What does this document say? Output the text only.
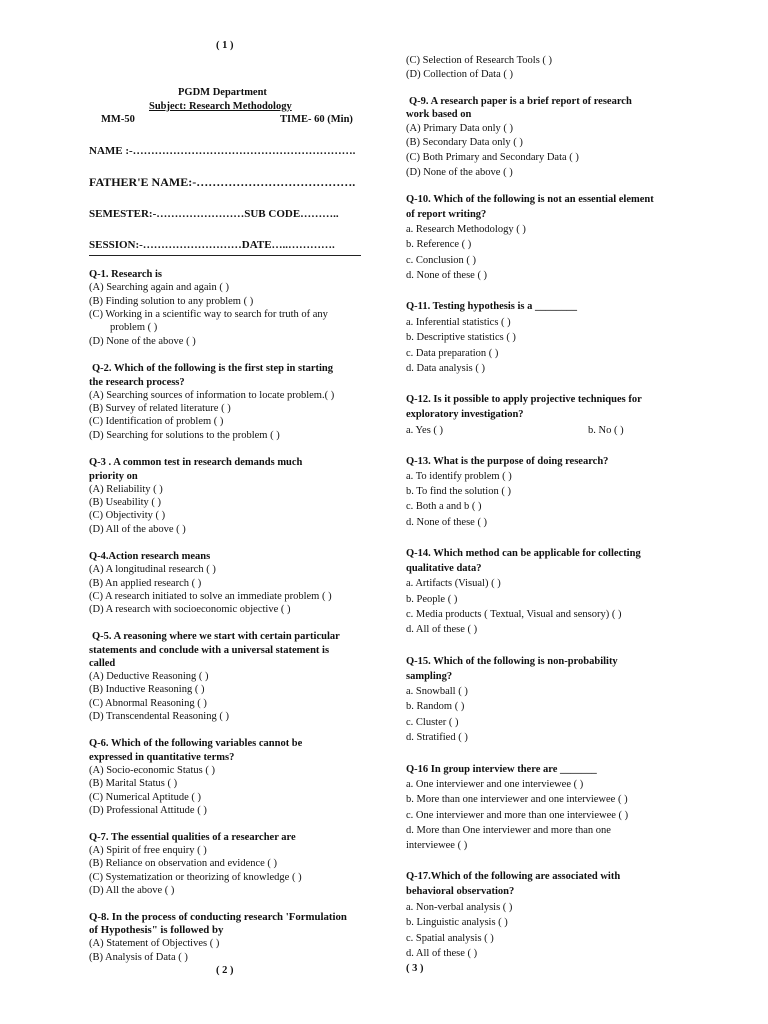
( 1 )
PGDM Department
Subject: Research Methodology
MM-50	TIME- 60 (Min)
NAME :-…………………………………………………….
FATHER'E NAME:-………………………………….
SEMESTER:-……………………SUB CODE………..
SESSION:-………………………DATE…..………….
Q-1. Research is
(A) Searching again and again ( )
(B) Finding solution to any problem ( )
(C) Working in a scientific way to search for truth of any
problem ( )
(D) None of the above ( )
Q-2. Which of the following is the first step in starting
the research process?
(A) Searching sources of information to locate problem.( )
(B) Survey of related literature ( )
(C) Identification of problem ( )
(D) Searching for solutions to the problem ( )
Q-3 . A common test in research demands much
priority on
(A) Reliability ( )
(B) Useability ( )
(C) Objectivity ( )
(D) All of the above ( )
Q-4.Action research means
(A) A longitudinal research ( )
(B) An applied research ( )
(C) A research initiated to solve an immediate problem ( )
(D) A research with socioeconomic objective ( )
Q-5. A reasoning where we start with certain particular
statements and conclude with a universal statement is
called
(A) Deductive Reasoning ( )
(B) Inductive Reasoning ( )
(C) Abnormal Reasoning ( )
(D) Transcendental Reasoning ( )
Q-6. Which of the following variables cannot be
expressed in quantitative terms?
(A) Socio-economic Status ( )
(B) Marital Status ( )
(C) Numerical Aptitude ( )
(D) Professional Attitude ( )
Q-7. The essential qualities of a researcher are
(A) Spirit of free enquiry ( )
(B) Reliance on observation and evidence ( )
(C) Systematization or theorizing of knowledge ( )
(D) All the above ( )
Q-8. In the process of conducting research 'Formulation
of Hypothesis" is followed by
(A) Statement of Objectives ( )
(B) Analysis of Data ( )
( 2 )
(C) Selection of Research Tools ( )
(D) Collection of Data ( )
Q-9. A research paper is a brief report of research
work based on
(A) Primary Data only ( )
(B) Secondary Data only ( )
(C) Both Primary and Secondary Data ( )
(D) None of the above ( )
Q-10. Which of the following is not an essential element
of report writing?
a. Research Methodology ( )
b. Reference ( )
c. Conclusion ( )
d. None of these ( )
Q-11. Testing hypothesis is a ________
a. Inferential statistics ( )
b. Descriptive statistics ( )
c. Data preparation ( )
d. Data analysis ( )
Q-12. Is it possible to apply projective techniques for
exploratory investigation?
a. Yes ( )	b. No ( )
Q-13. What is the purpose of doing research?
a. To identify problem ( )
b. To find the solution ( )
c. Both a and b ( )
d. None of these ( )
Q-14. Which method can be applicable for collecting
qualitative data?
a. Artifacts (Visual) ( )
b. People ( )
c. Media products ( Textual, Visual and sensory) ( )
d. All of these ( )
Q-15. Which of the following is non-probability
sampling?
a. Snowball ( )
b. Random ( )
c. Cluster ( )
d. Stratified ( )
Q-16 In group interview there are _______
a. One interviewer and one interviewee ( )
b. More than one interviewer and one interviewee ( )
c. One interviewer and more than one interviewee ( )
d. More than One interviewer and more than one
interviewee ( )
Q-17.Which of the following are associated with
behavioral observation?
a. Non-verbal analysis ( )
b. Linguistic analysis ( )
c. Spatial analysis ( )
d. All of these ( )
( 3 )
